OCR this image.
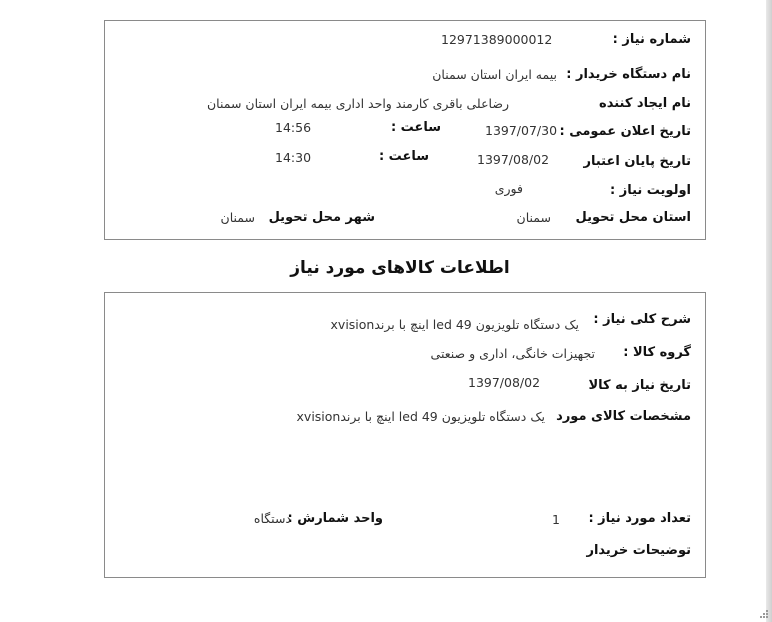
شماره نیاز :
12971389000012
نام دستگاه خریدار :
بیمه ایران استان سمنان
نام ایجاد کننده
رضاعلی باقری کارمند واحد اداری بیمه ایران استان سمنان
تاریخ اعلان عمومی :
1397/07/30
ساعت :
14:56
تاریخ پایان اعتبار
1397/08/02
ساعت :
14:30
اولویت نیاز :
فوری
استان محل تحویل
سمنان
شهر محل تحویل
سمنان
اطلاعات کالاهای مورد نیاز
شرح کلی نیاز :
یک دستگاه تلویزیون led 49 اینچ با برندxvision
گروه کالا :
تجهیزات خانگی، اداری و صنعتی
تاریخ نیاز به کالا
1397/08/02
مشخصات کالای مورد
یک دستگاه تلویزیون led 49 اینچ با برندxvision
تعداد مورد نیاز :
1
واحد شمارش :
دستگاه
توضیحات خریدار
